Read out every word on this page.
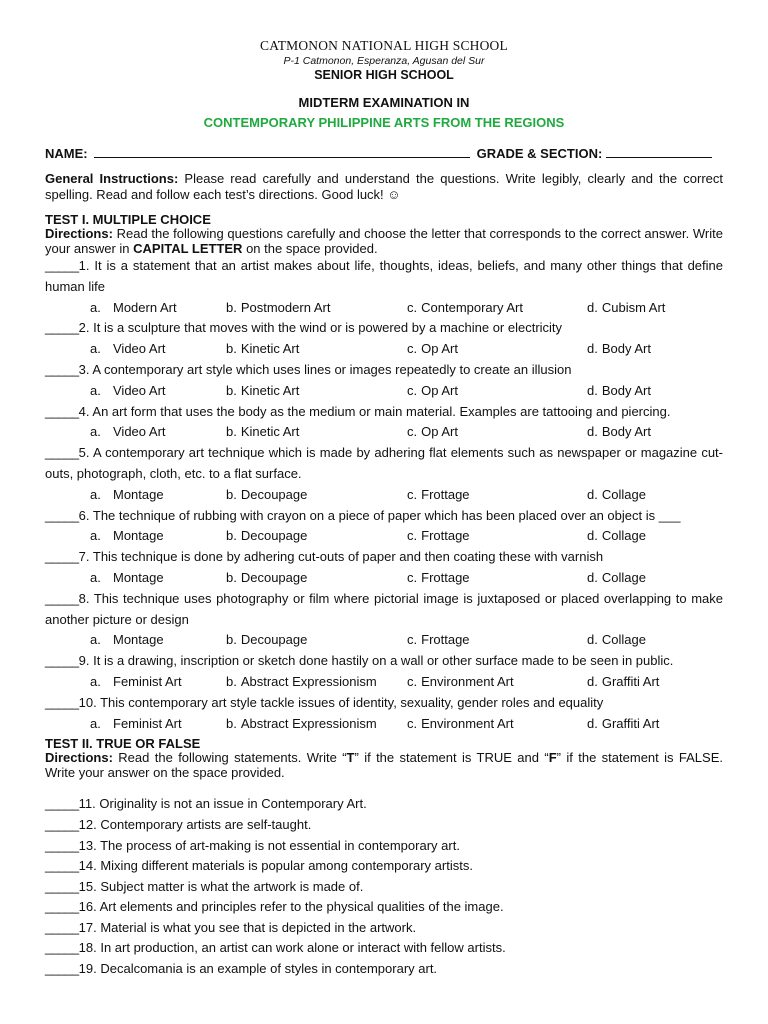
CATMONON NATIONAL HIGH SCHOOL
P-1 Catmonon, Esperanza, Agusan del Sur
SENIOR HIGH SCHOOL
MIDTERM EXAMINATION IN
CONTEMPORARY PHILIPPINE ARTS FROM THE REGIONS
NAME:	GRADE & SECTION:
General Instructions: Please read carefully and understand the questions. Write legibly, clearly and the correct spelling. Read and follow each test’s directions. Good luck! ☺
TEST I. MULTIPLE CHOICE
Directions: Read the following questions carefully and choose the letter that corresponds to the correct answer. Write your answer in CAPITAL LETTER on the space provided.
_____1. It is a statement that an artist makes about life, thoughts, ideas, beliefs, and many other things that define human life
a. Modern Art	b. Postmodern Art	c. Contemporary Art	d. Cubism Art
_____2. It is a sculpture that moves with the wind or is powered by a machine or electricity
a. Video Art	b. Kinetic Art	c. Op Art	d. Body Art
_____3. A contemporary art style which uses lines or images repeatedly to create an illusion
a. Video Art	b. Kinetic Art	c. Op Art	d. Body Art
_____4. An art form that uses the body as the medium or main material. Examples are tattooing and piercing.
a. Video Art	b. Kinetic Art	c. Op Art	d. Body Art
_____5. A contemporary art technique which is made by adhering flat elements such as newspaper or magazine cut-outs, photograph, cloth, etc. to a flat surface.
a. Montage	b. Decoupage	c. Frottage	d. Collage
_____6. The technique of rubbing with crayon on a piece of paper which has been placed over an object is ___
a. Montage	b. Decoupage	c. Frottage	d. Collage
_____7. This technique is done by adhering cut-outs of paper and then coating these with varnish
a. Montage	b. Decoupage	c. Frottage	d. Collage
_____8. This technique uses photography or film where pictorial image is juxtaposed or placed overlapping to make another picture or design
a. Montage	b. Decoupage	c. Frottage	d. Collage
_____9. It is a drawing, inscription or sketch done hastily on a wall or other surface made to be seen in public.
a. Feminist Art	b. Abstract Expressionism	c. Environment Art	d. Graffiti Art
_____10. This contemporary art style tackle issues of identity, sexuality, gender roles and equality
a. Feminist Art	b. Abstract Expressionism	c. Environment Art	d. Graffiti Art
TEST II. TRUE OR FALSE
Directions: Read the following statements. Write “T” if the statement is TRUE and “F” if the statement is FALSE. Write your answer on the space provided.
_____11. Originality is not an issue in Contemporary Art.
_____12. Contemporary artists are self-taught.
_____13. The process of art-making is not essential in contemporary art.
_____14. Mixing different materials is popular among contemporary artists.
_____15. Subject matter is what the artwork is made of.
_____16. Art elements and principles refer to the physical qualities of the image.
_____17. Material is what you see that is depicted in the artwork.
_____18. In art production, an artist can work alone or interact with fellow artists.
_____19. Decalcomania is an example of styles in contemporary art.
